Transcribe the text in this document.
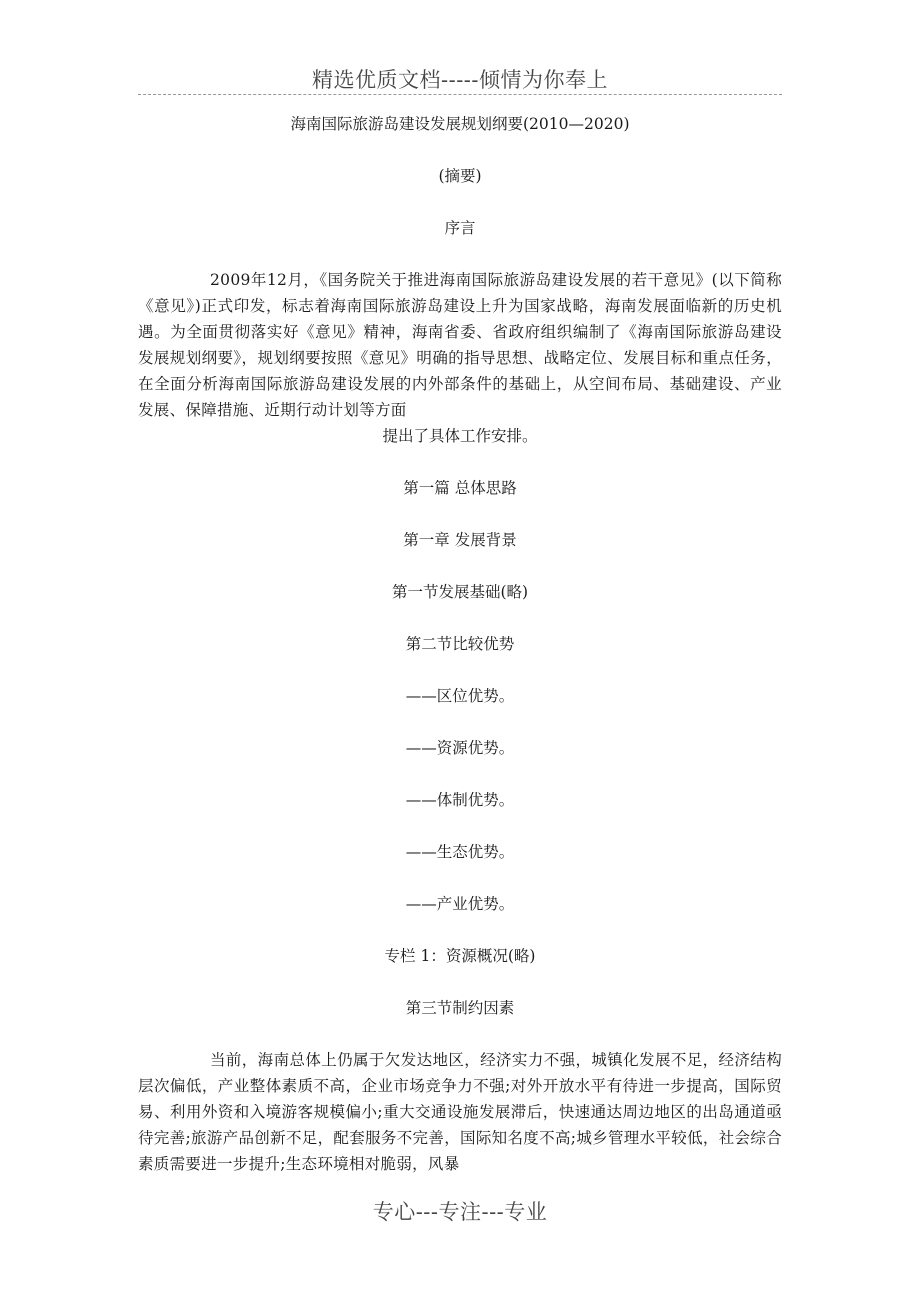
精选优质文档-----倾情为你奉上

海南国际旅游岛建设发展规划纲要(2010—2020)

(摘要)

序言

2009年12月，《国务院关于推进海南国际旅游岛建设发展的若干意见》(以下简称《意见》)正式印发，标志着海南国际旅游岛建设上升为国家战略，海南发展面临新的历史机遇。为全面贯彻落实好《意见》精神，海南省委、省政府组织编制了《海南国际旅游岛建设发展规划纲要》，规划纲要按照《意见》明确的指导思想、战略定位、发展目标和重点任务，在全面分析海南国际旅游岛建设发展的内外部条件的基础上，从空间布局、基础建设、产业发展、保障措施、近期行动计划等方面

提出了具体工作安排。

第一篇 总体思路

第一章 发展背景

第一节发展基础(略)

第二节比较优势

——区位优势。

——资源优势。

——体制优势。

——生态优势。

——产业优势。

专栏 1：资源概况(略)

第三节制约因素

当前，海南总体上仍属于欠发达地区，经济实力不强，城镇化发展不足，经济结构层次偏低，产业整体素质不高，企业市场竞争力不强;对外开放水平有待进一步提高，国际贸易、利用外资和入境游客规模偏小;重大交通设施发展滞后，快速通达周边地区的出岛通道亟待完善;旅游产品创新不足，配套服务不完善，国际知名度不高;城乡管理水平较低，社会综合素质需要进一步提升;生态环境相对脆弱，风暴

专心---专注---专业
